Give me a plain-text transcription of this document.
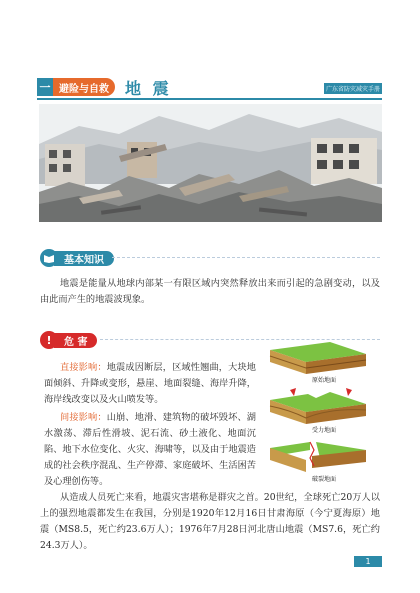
一 避险与自救	地 震	广东省防灾减灾手册
基本知识
地震是能量从地球内部某一有限区域内突然释放出来而引起的急剧变动，以及由此而产生的地震波现象。
!	危 害
直接影响：地震成因断层，区域性翘曲，大块地面倾斜、升降或变形，悬崖、地面裂缝、海岸升降，海岸线改变以及火山喷发等。
间接影响：山崩、地滑、建筑物的破坏毁坏、湖水激荡、滞后性滑坡、泥石流、砂土液化、地面沉陷、地下水位变化、火灾、海啸等，以及由于地震造成的社会秩序混乱、生产停滞、家庭破坏、生活困苦及心理创伤等。
原始地面
受力地面
破裂地面
从造成人员死亡来看，地震灾害堪称是群灾之首。20世纪，全球死亡20万人以上的强烈地震都发生在我国，分别是1920年12月16日甘肃海原（今宁夏海原）地震（MS8.5，死亡约23.6万人）；1976年7月28日河北唐山地震（MS7.6，死亡约24.3万人）。
1
